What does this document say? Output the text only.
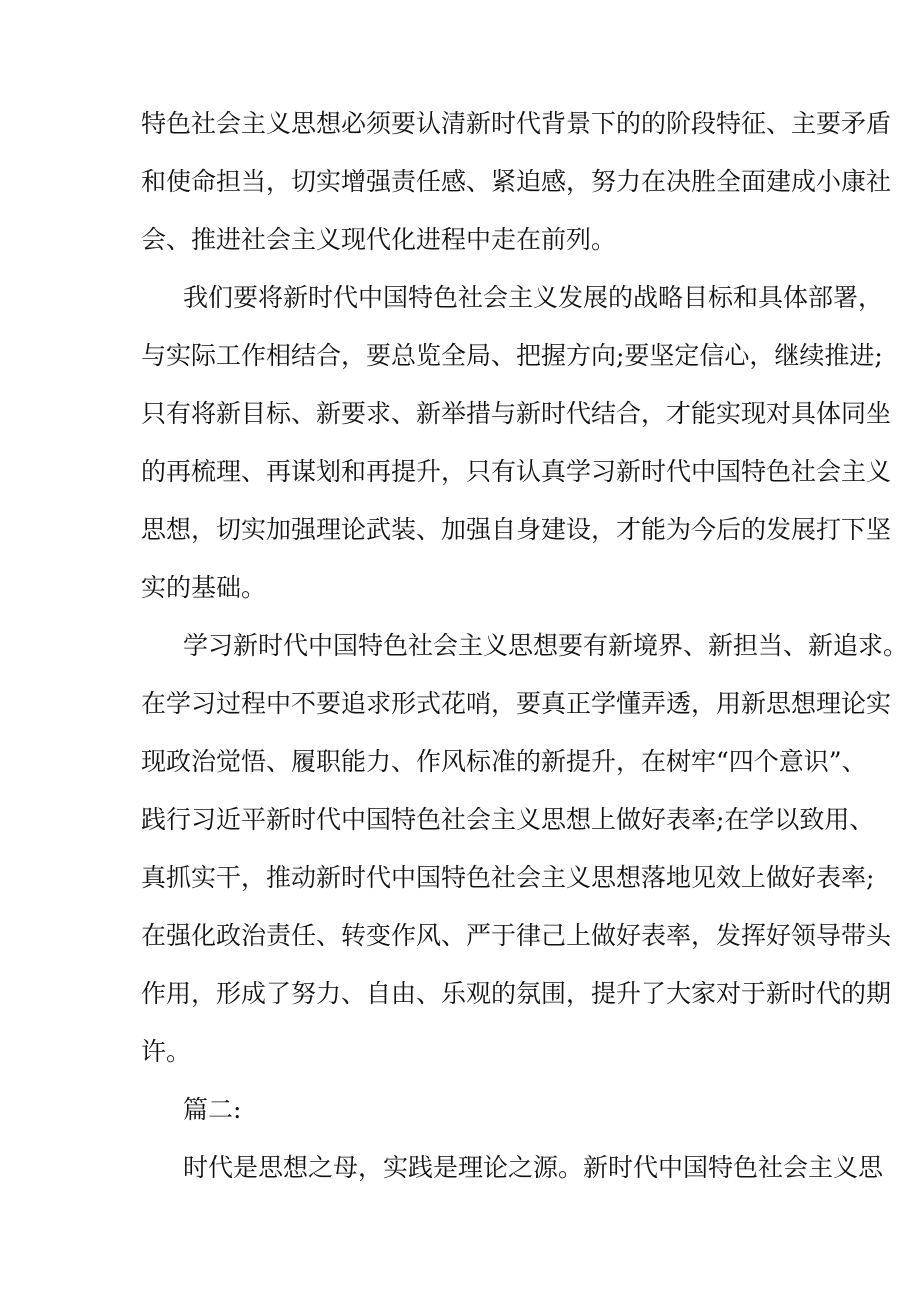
特色社会主义思想必须要认清新时代背景下的的阶段特征、主要矛盾
和使命担当，切实增强责任感、紧迫感，努力在决胜全面建成小康社
会、推进社会主义现代化进程中走在前列。
我们要将新时代中国特色社会主义发展的战略目标和具体部署，
与实际工作相结合，要总览全局、把握方向;要坚定信心，继续推进;
只有将新目标、新要求、新举措与新时代结合，才能实现对具体同坐
的再梳理、再谋划和再提升，只有认真学习新时代中国特色社会主义
思想，切实加强理论武装、加强自身建设，才能为今后的发展打下坚
实的基础。
学习新时代中国特色社会主义思想要有新境界、新担当、新追求。
在学习过程中不要追求形式花哨，要真正学懂弄透，用新思想理论实
现政治觉悟、履职能力、作风标准的新提升，在树牢“四个意识”、
践行习近平新时代中国特色社会主义思想上做好表率;在学以致用、
真抓实干，推动新时代中国特色社会主义思想落地见效上做好表率;
在强化政治责任、转变作风、严于律己上做好表率，发挥好领导带头
作用，形成了努力、自由、乐观的氛围，提升了大家对于新时代的期
许。
篇二:
时代是思想之母，实践是理论之源。新时代中国特色社会主义思
